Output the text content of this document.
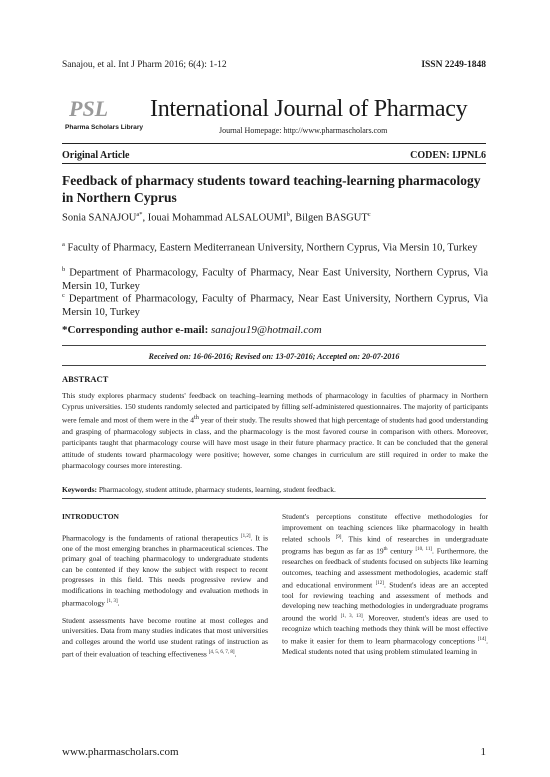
Sanajou, et al. Int J Pharm 2016; 6(4): 1-12	ISSN 2249-1848
PSL
Pharma Scholars Library
International Journal of Pharmacy
Journal Homepage: http://www.pharmascholars.com
Original Article	CODEN: IJPNL6
Feedback of pharmacy students toward teaching-learning pharmacology in Northern Cyprus
Sonia $SANAJOU^{a*}$, Iouai Mohammad ALSALOUMI$^b$, Bilgen BASGUT$^c$
$^a$ Faculty of Pharmacy, Eastern Mediterranean University, Northern Cyprus, Via Mersin 10, Turkey
$^b$ Department of Pharmacology, Faculty of Pharmacy, Near East University, Northern Cyprus, Via Mersin 10, Turkey
$^c$ Department of Pharmacology, Faculty of Pharmacy, Near East University, Northern Cyprus, Via Mersin 10, Turkey
*Corresponding author e-mail: sanajou19@hotmail.com
Received on: 16-06-2016; Revised on: 13-07-2016; Accepted on: 20-07-2016
ABSTRACT
This study explores pharmacy students' feedback on teaching–learning methods of pharmacology in faculties of pharmacy in Northern Cyprus universities. 150 students randomly selected and participated by filling self-administered questionnaires. The majority of participants were female and most of them were in the 4th year of their study. The results showed that high percentage of students had good understanding and grasping of pharmacology subjects in class, and the pharmacology is the most favored course in comparison with others. Moreover, participants taught that pharmacology course will have most usage in their future pharmacy practice. It can be concluded that the general attitude of students toward pharmacology were positive; however, some changes in curriculum are still required in order to make the pharmacology courses more interesting.
Keywords: Pharmacology, student attitude, pharmacy students, learning, student feedback.
INTRODUCTON

Pharmacology is the fundaments of rational therapeutics [1,2]. It is one of the most emerging branches in pharmaceutical sciences. The primary goal of teaching pharmacology to undergraduate students can be contented if they know the subject with respect to recent progresses in this field. This needs progressive review and modifications in teaching methodology and evaluation methods in pharmacology [1, 3].

Student assessments have become routine at most colleges and universities. Data from many studies indicates that most universities and colleges around the world use student ratings of instruction as part of their evaluation of teaching effectiveness [4, 5, 6, 7, 8].

Student's perceptions constitute effective methodologies for improvement on teaching sciences like pharmacology in health related schools [9]. This kind of researches in undergraduate programs has begun as far as 19th century [10, 11]. Furthermore, the researches on feedback of students focused on subjects like learning outcomes, teaching and assessment methodologies, academic staff and educational environment [12]. Student's ideas are an accepted tool for reviewing teaching and assessment of methods and developing new teaching methodologies in undergraduate programs around the world [1, 3, 13]. Moreover, student's ideas are used to recognize which teaching methods they think will be most effective to make it easier for them to learn pharmacology conceptions [14]. Medical students noted that using problem stimulated learning in

www.pharmascholars.com	1
